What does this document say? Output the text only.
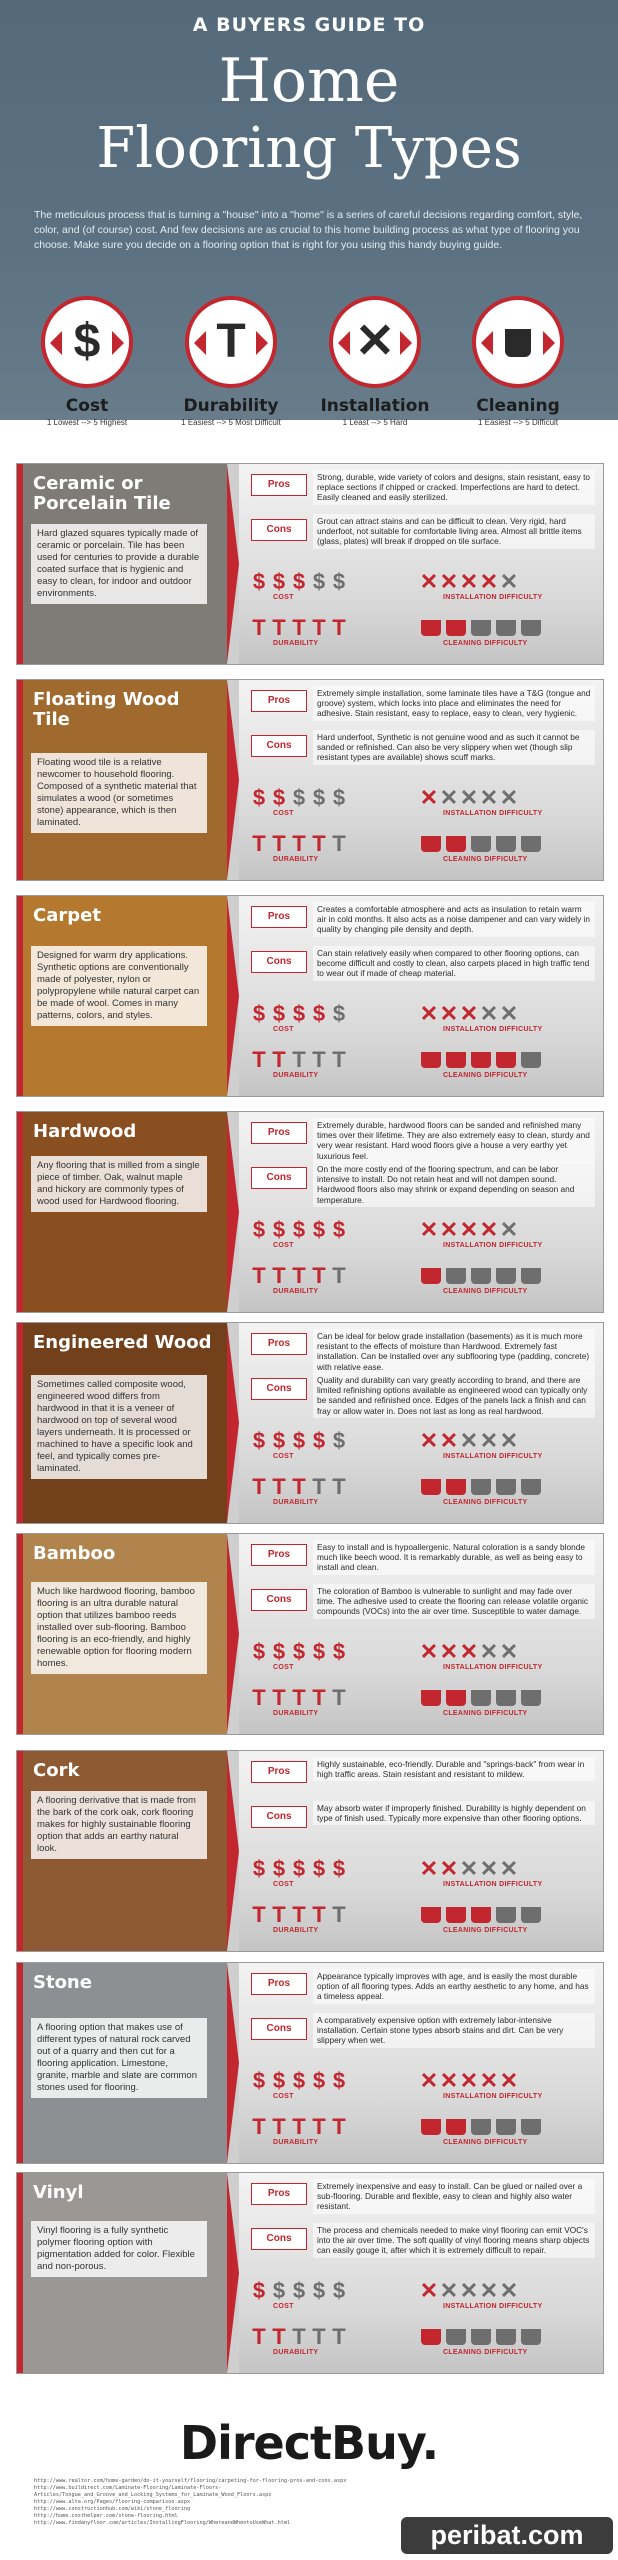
A BUYERS GUIDE TO
Home
Flooring Types
The meticulous process that is turning a "house" into a "home" is a series of careful decisions regarding comfort, style, color, and (of course) cost. And few decisions are as crucial to this home building process as what type of flooring you choose. Make sure you decide on a flooring option that is right for you using this handy buying guide.
$
Cost
1 Lowest --> 5 Highest
T
Durability
1 Easiest --> 5 Most Difficult
✕
Installation
1 Least --> 5 Hard
Cleaning
1 Easiest --> 5 Difficult
Ceramic or Porcelain Tile
Hard glazed squares typically made of ceramic or porcelain. Tile has been used for centuries to provide a durable coated surface that is hygienic and easy to clean, for indoor and outdoor environments.
Pros
Strong, durable, wide variety of colors and designs, stain resistant, easy to replace sections if chipped or cracked. Imperfections are hard to detect. Easily cleaned and easily sterilized.
Cons
Grout can attract stains and can be difficult to clean. Very rigid, hard underfoot, not suitable for comfortable living area. Almost all brittle items (glass, plates) will break if dropped on tile surface.
$ $ $ $ $
COST
✕✕✕✕✕
INSTALLATION DIFFICULTY
T T T T T
DURABILITY	CLEANING DIFFICULTY
Floating Wood Tile
Floating wood tile is a relative newcomer to household flooring. Composed of a synthetic material that simulates a wood (or sometimes stone) appearance, which is then laminated.
Pros
Extremely simple installation, some laminate tiles have a T&G (tongue and groove) system, which locks into place and eliminates the need for adhesive. Stain resistant, easy to replace, easy to clean, very hygienic.
Cons
Hard underfoot, Synthetic is not genuine wood and as such it cannot be sanded or refinished. Can also be very slippery when wet (though slip resistant types are available) shows scuff marks.
$ $ $ $ $
COST
✕✕✕✕✕
INSTALLATION DIFFICULTY
T T T T T
DURABILITY	CLEANING DIFFICULTY
Carpet
Designed for warm dry applications. Synthetic options are conventionally made of polyester, nylon or polypropylene while natural carpet can be made of wool. Comes in many patterns, colors, and styles.
Pros
Creates a comfortable atmosphere and acts as insulation to retain warm air in cold months. It also acts as a noise dampener and can vary widely in quality by changing pile density and depth.
Cons
Can stain relatively easily when compared to other flooring options, can become difficult and costly to clean, also carpets placed in high traffic tend to wear out if made of cheap material.
$ $ $ $ $
COST
✕✕✕✕✕
INSTALLATION DIFFICULTY
T T T T T
DURABILITY	CLEANING DIFFICULTY
Hardwood
Any flooring that is milled from a single piece of timber. Oak, walnut maple and hickory are commonly types of wood used for Hardwood flooring.
Pros
Extremely durable, hardwood floors can be sanded and refinished many times over their lifetime. They are also extremely easy to clean, sturdy and very wear resistant. Hard wood floors give a house a very earthy yet luxurious feel.
Cons
On the more costly end of the flooring spectrum, and can be labor intensive to install. Do not retain heat and will not dampen sound. Hardwood floors also may shrink or expand depending on season and temperature.
$ $ $ $ $
COST
✕✕✕✕✕
INSTALLATION DIFFICULTY
T T T T T
DURABILITY	CLEANING DIFFICULTY
Engineered Wood
Sometimes called composite wood, engineered wood differs from hardwood in that it is a veneer of hardwood on top of several wood layers underneath. It is processed or machined to have a specific look and feel, and typically comes pre-laminated.
Pros
Can be ideal for below grade installation (basements) as it is much more resistant to the effects of moisture than Hardwood. Extremely fast installation. Can be installed over any subflooring type (padding, concrete) with relative ease.
Cons
Quality and durability can vary greatly according to brand, and there are limited refinishing options available as engineered wood can typically only be sanded and refinished once. Edges of the panels lack a finish and can fray or allow water in. Does not last as long as real hardwood.
$ $ $ $ $
COST
✕✕✕✕✕
INSTALLATION DIFFICULTY
T T T T T
DURABILITY	CLEANING DIFFICULTY
Bamboo
Much like hardwood flooring, bamboo flooring is an ultra durable natural option that utilizes bamboo reeds installed over sub-flooring. Bamboo flooring is an eco-friendly, and highly renewable option for flooring modern homes.
Pros
Easy to install and is hypoallergenic. Natural coloration is a sandy blonde much like beech wood. It is remarkably durable, as well as being easy to install and clean.
Cons
The coloration of Bamboo is vulnerable to sunlight and may fade over time. The adhesive used to create the flooring can release volatile organic compounds (VOCs) into the air over time. Susceptible to water damage.
$ $ $ $ $
COST
✕✕✕✕✕
INSTALLATION DIFFICULTY
T T T T T
DURABILITY	CLEANING DIFFICULTY
Cork
A flooring derivative that is made from the bark of the cork oak, cork flooring makes for highly sustainable flooring option that adds an earthy natural look.
Pros
Highly sustainable, eco-friendly. Durable and "springs-back" from wear in high traffic areas. Stain resistant and resistant to mildew.
Cons
May absorb water if improperly finished. Durability is highly dependent on type of finish used. Typically more expensive than other flooring options.
$ $ $ $ $
COST
✕✕✕✕✕
INSTALLATION DIFFICULTY
T T T T T
DURABILITY	CLEANING DIFFICULTY
Stone
A flooring option that makes use of different types of natural rock carved out of a quarry and then cut for a flooring application. Limestone, granite, marble and slate are common stones used for flooring.
Pros
Appearance typically improves with age, and is easily the most durable option of all flooring types. Adds an earthy aesthetic to any home, and has a timeless appeal.
Cons
A comparatively expensive option with extremely labor-intensive installation. Certain stone types absorb stains and dirt. Can be very slippery when wet.
$ $ $ $ $
COST
✕✕✕✕✕
INSTALLATION DIFFICULTY
T T T T T
DURABILITY	CLEANING DIFFICULTY
Vinyl
Vinyl flooring is a fully synthetic polymer flooring option with pigmentation added for color. Flexible and non-porous.
Pros
Extremely inexpensive and easy to install. Can be glued or nailed over a sub-flooring. Durable and flexible, easy to clean and highly also water resistant.
Cons
The process and chemicals needed to make vinyl flooring can emit VOC's into the air over time. The soft quality of vinyl flooring means sharp objects can easily gouge it, after which it is extremely difficult to repair.
$ $ $ $ $
COST
✕✕✕✕✕
INSTALLATION DIFFICULTY
T T T T T
DURABILITY	CLEANING DIFFICULTY
DirectBuy.
http://www.realtor.com/home-garden/do-it-yourself/flooring/carpeting-for-flooring-pros-and-cons.aspx
http://www.buildirect.com/Laminate-Flooring/Laminate-Floors-Articles/Tongue_and_Groove_and_Locking_Systems_for_Laminate_Wood_Floors.aspx
http://www.alta.org/Pages/flooring-comparison.aspx
http://www.constructionhub.com/wiki/stone_flooring
http://home.costhelper.com/stone-flooring.html
http://www.findanyfloor.com/articles/InstallingFlooring/WhereandWhentoUseWhat.html	peribat.com
